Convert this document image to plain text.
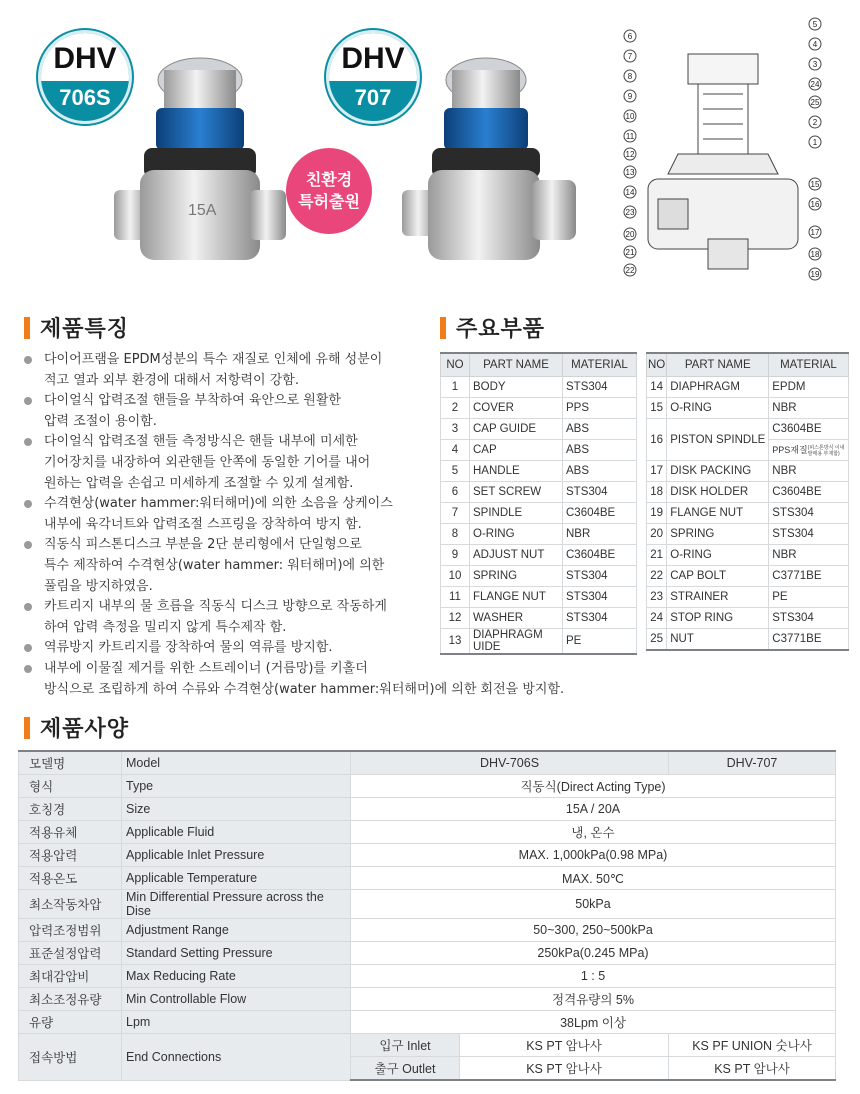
DHV
706S
15A
DHV
707
친환경
특허출원
6
7
8
9
10
11
12
13
14
23
20
21
22
5
4
3
24
25
2
1
15
16
17
18
19
제품특징
다이어프램을 EPDM성분의 특수 재질로 인체에 유해 성분이
적고 열과 외부 환경에 대해서 저항력이 강함.
다이얼식 압력조절 핸들을 부착하여 육안으로 원활한
압력 조절이 용이함.
다이얼식 압력조절 핸들 측정방식은 핸들 내부에 미세한
기어장치를 내장하여 외관핸들 안쪽에 동일한 기어를 내어
원하는 압력을 손쉽고 미세하게 조절할 수 있게 설계함.
수격현상(water hammer:워터해머)에 의한 소음을 상케이스
내부에 육각너트와 압력조절 스프링을 장착하여 방지 함.
직동식 피스톤디스크 부분을 2단 분리형에서 단일형으로
특수 제작하여 수격현상(water hammer: 워터해머)에 의한
풀림을 방지하였음.
카트리지 내부의 물 흐름을 직동식 디스크 방향으로 작동하게
하여 압력 측정을 밀리지 않게 특수제작 함.
역류방지 카트리지를 장착하여 물의 역류를 방지함.
내부에 이물질 제거를 위한 스트레이너 (거름망)를 키홀더
방식으로 조립하게 하여 수류와 수격현상(water hammer:워터해머)에 의한 회전을 방지함.
주요부품
NO	PART NAME	MATERIAL
1	BODY	STS304
2	COVER	PPS
3	CAP GUIDE	ABS
4	CAP	ABS
5	HANDLE	ABS
6	SET SCREW	STS304
7	SPINDLE	C3604BE
8	O-RING	NBR
9	ADJUST NUT	C3604BE
10	SPRING	STS304
11	FLANGE NUT	STS304
12	WASHER	STS304
13	DIAPHRAGM UIDE	PE
NO	PART NAME	MATERIAL
14	DIAPHRAGM	EPDM
15	O-RING	NBR
16	PISTON SPINDLE	C3604BE
PPS재질(피스톤방식 이내
발매용 부재함)

17	DISK PACKING	NBR
18	DISK HOLDER	C3604BE
19	FLANGE NUT	STS304
20	SPRING	STS304
21	O-RING	NBR
22	CAP BOLT	C3771BE
23	STRAINER	PE
24	STOP RING	STS304
25	NUT	C3771BE
제품사양
모델명	Model	DHV-706S		DHV-707
형식	Type	직동식(Direct Acting Type)		
호칭경	Size	15A / 20A		
적용유체	Applicable Fluid	냉, 온수		
적용압력	Applicable Inlet Pressure	MAX. 1,000kPa(0.98 MPa)		
적용온도	Applicable Temperature	MAX. 50℃		
최소작동차압	Min Differential Pressure across the Dise	50kPa		
압력조정범위	Adjustment Range	50~300, 250~500kPa		
표준설정압력	Standard Setting Pressure	250kPa(0.245 MPa)		
최대감압비	Max Reducing Rate	1 : 5		
최소조정유량	Min Controllable Flow	정격유량의 5%		
유량	Lpm	38Lpm 이상		
접속방법	End Connections	입구 Inlet	KS PT 암나사	KS PF UNION 숫나사
		출구 Outlet	KS PT 암나사	KS PT 암나사
